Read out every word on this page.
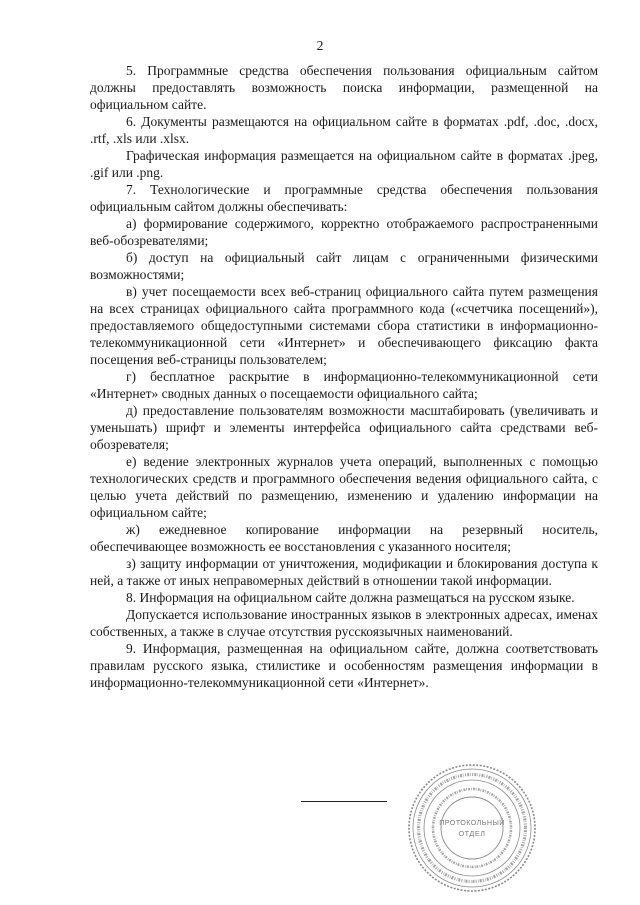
2

5. Программные средства обеспечения пользования официальным сайтом должны предоставлять возможность поиска информации, размещенной на официальном сайте.

6. Документы размещаются на официальном сайте в форматах .pdf, .doc, .docx, .rtf, .xls или .xlsx.

Графическая информация размещается на официальном сайте в форматах .jpeg, .gif или .png.

7. Технологические и программные средства обеспечения пользования официальным сайтом должны обеспечивать:

а) формирование содержимого, корректно отображаемого распространенными веб-обозревателями;

б) доступ на официальный сайт лицам с ограниченными физическими возможностями;

в) учет посещаемости всех веб-страниц официального сайта путем размещения на всех страницах официального сайта программного кода («счетчика посещений»), предоставляемого общедоступными системами сбора статистики в информационно-телекоммуникационной сети «Интернет» и обеспечивающего фиксацию факта посещения веб-страницы пользователем;

г) бесплатное раскрытие в информационно-телекоммуникационной сети «Интернет» сводных данных о посещаемости официального сайта;

д) предоставление пользователям возможности масштабировать (увеличивать и уменьшать) шрифт и элементы интерфейса официального сайта средствами веб-обозревателя;

е) ведение электронных журналов учета операций, выполненных с помощью технологических средств и программного обеспечения ведения официального сайта, с целью учета действий по размещению, изменению и удалению информации на официальном сайте;

ж) ежедневное копирование информации на резервный носитель, обеспечивающее возможность ее восстановления с указанного носителя;

з) защиту информации от уничтожения, модификации и блокирования доступа к ней, а также от иных неправомерных действий в отношении такой информации.

8. Информация на официальном сайте должна размещаться на русском языке.

Допускается использование иностранных языков в электронных адресах, именах собственных, а также в случае отсутствия русскоязычных наименований.

9. Информация, размещенная на официальном сайте, должна соответствовать правилам русского языка, стилистике и особенностям размещения информации в информационно-телекоммуникационной сети «Интернет».

ПРОТОКОЛЬНЫЙ
ОТДЕЛ
